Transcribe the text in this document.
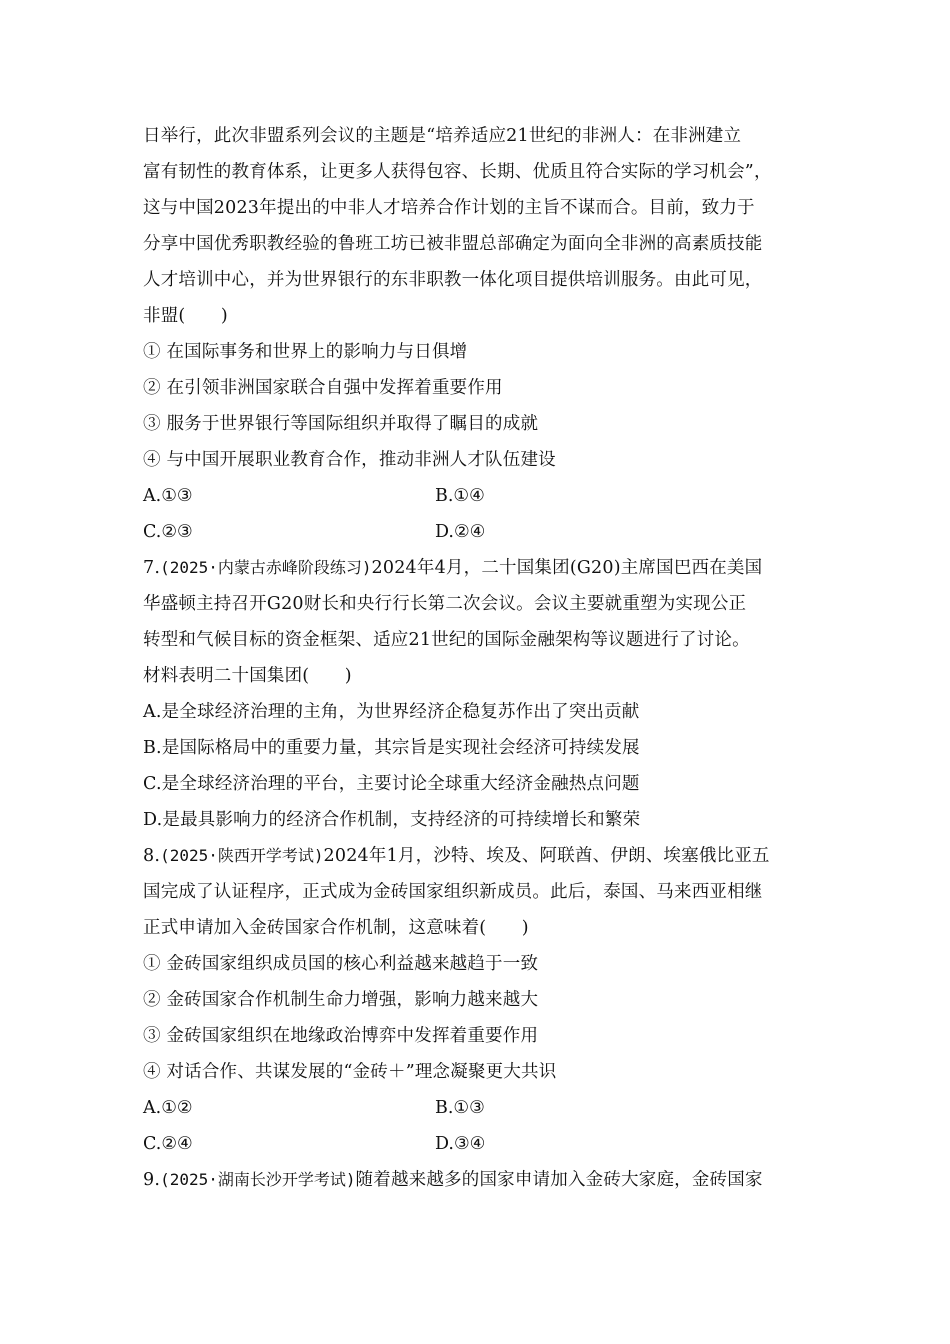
日举行，此次非盟系列会议的主题是“培养适应21世纪的非洲人：在非洲建立
富有韧性的教育体系，让更多人获得包容、长期、优质且符合实际的学习机会”，
这与中国2023年提出的中非人才培养合作计划的主旨不谋而合。目前，致力于
分享中国优秀职教经验的鲁班工坊已被非盟总部确定为面向全非洲的高素质技能
人才培训中心，并为世界银行的东非职教一体化项目提供培训服务。由此可见，
非盟(　　)
① 在国际事务和世界上的影响力与日俱增
② 在引领非洲国家联合自强中发挥着重要作用
③ 服务于世界银行等国际组织并取得了瞩目的成就
④ 与中国开展职业教育合作，推动非洲人才队伍建设
A.①③	B.①④
C.②③	D.②④
7.(2025·内蒙古赤峰阶段练习)2024年4月，二十国集团(G20)主席国巴西在美国
华盛顿主持召开G20财长和央行行长第二次会议。会议主要就重塑为实现公正
转型和气候目标的资金框架、适应21世纪的国际金融架构等议题进行了讨论。
材料表明二十国集团(　　)
A.是全球经济治理的主角，为世界经济企稳复苏作出了突出贡献
B.是国际格局中的重要力量，其宗旨是实现社会经济可持续发展
C.是全球经济治理的平台，主要讨论全球重大经济金融热点问题
D.是最具影响力的经济合作机制，支持经济的可持续增长和繁荣
8.(2025·陕西开学考试)2024年1月，沙特、埃及、阿联酋、伊朗、埃塞俄比亚五
国完成了认证程序，正式成为金砖国家组织新成员。此后，泰国、马来西亚相继
正式申请加入金砖国家合作机制，这意味着(　　)
① 金砖国家组织成员国的核心利益越来越趋于一致
② 金砖国家合作机制生命力增强，影响力越来越大
③ 金砖国家组织在地缘政治博弈中发挥着重要作用
④ 对话合作、共谋发展的“金砖＋”理念凝聚更大共识
A.①②	B.①③
C.②④	D.③④
9.(2025·湖南长沙开学考试)随着越来越多的国家申请加入金砖大家庭，金砖国家
